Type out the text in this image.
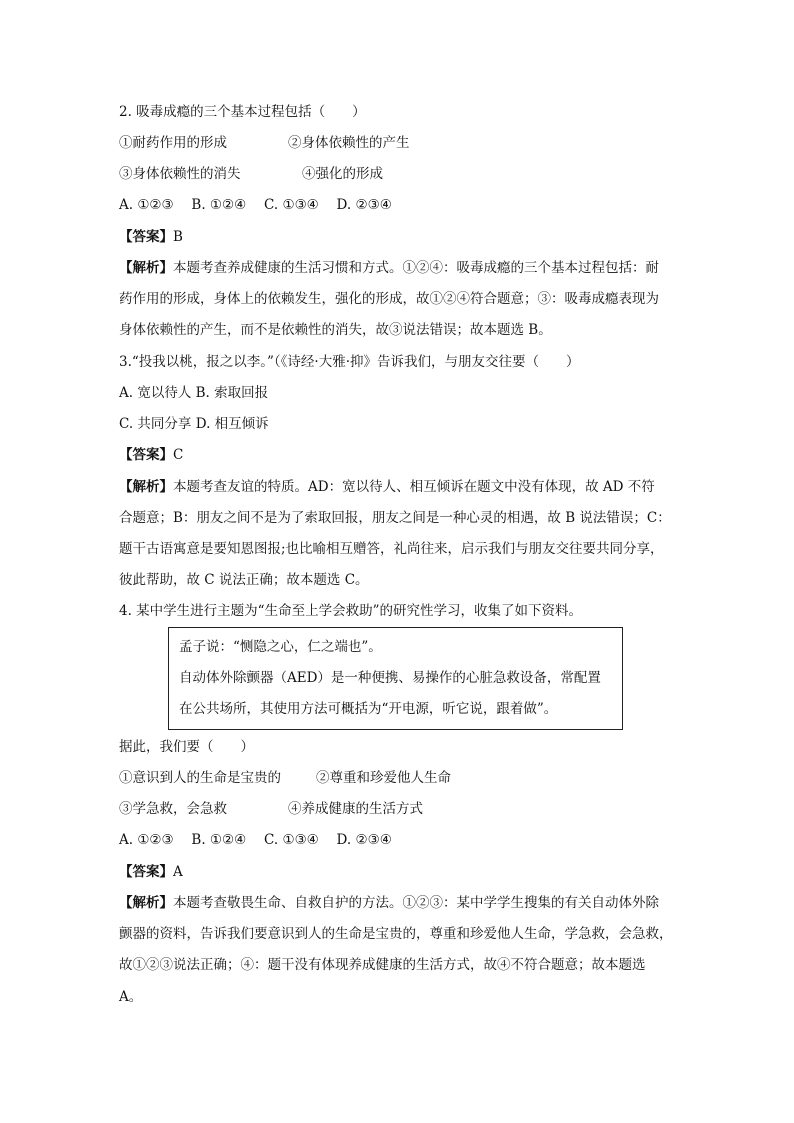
2. 吸毒成瘾的三个基本过程包括（　　）
①耐药作用的形成	②身体依赖性的产生
③身体依赖性的消失	④强化的形成
A. ①②③　 B. ①②④　 C. ①③④　 D. ②③④
【答案】B
【解析】本题考查养成健康的生活习惯和方式。①②④：吸毒成瘾的三个基本过程包括：耐
药作用的形成，身体上的依赖发生，强化的形成，故①②④符合题意；③：吸毒成瘾表现为
身体依赖性的产生，而不是依赖性的消失，故③说法错误；故本题选 B。
3.“投我以桃，报之以李。”（《诗经·大雅·抑》告诉我们，与朋友交往要（　　）
A. 宽以待人 B. 索取回报
C. 共同分享 D. 相互倾诉
【答案】C
【解析】本题考查友谊的特质。AD：宽以待人、相互倾诉在题文中没有体现，故 AD 不符
合题意；B：朋友之间不是为了索取回报，朋友之间是一种心灵的相遇，故 B 说法错误；C：
题干古语寓意是要知恩图报;也比喻相互赠答，礼尚往来，启示我们与朋友交往要共同分享，
彼此帮助，故 C 说法正确；故本题选 C。
4. 某中学生进行主题为“生命至上学会救助”的研究性学习，收集了如下资料。
孟子说：“恻隐之心，仁之端也”。
自动体外除颤器（AED）是一种便携、易操作的心脏急救设备，常配置
在公共场所，其使用方法可概括为“开电源，听它说，跟着做”。
据此，我们要（　　）
①意识到人的生命是宝贵的	②尊重和珍爱他人生命
③学急救，会急救	④养成健康的生活方式
A. ①②③　 B. ①②④　 C. ①③④　 D. ②③④
【答案】A
【解析】本题考查敬畏生命、自救自护的方法。①②③：某中学学生搜集的有关自动体外除
颤器的资料，告诉我们要意识到人的生命是宝贵的，尊重和珍爱他人生命，学急救，会急救，
故①②③说法正确；④：题干没有体现养成健康的生活方式，故④不符合题意；故本题选
A。
